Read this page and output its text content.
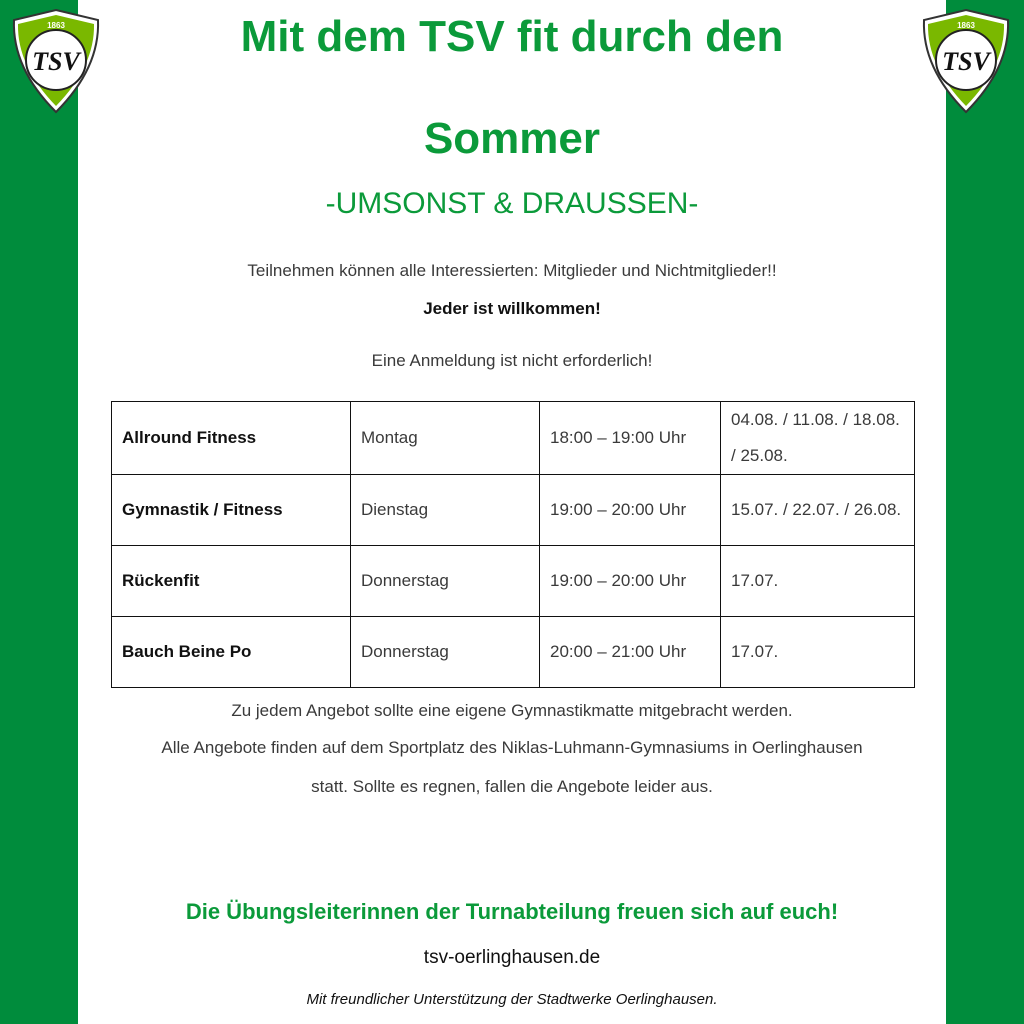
1863
TSV
1863
TSV
Mit dem TSV fit durch den
Sommer
-UMSONST & DRAUSSEN-
Teilnehmen können alle Interessierten: Mitglieder und Nichtmitglieder!!
Jeder ist willkommen!
Eine Anmeldung ist nicht erforderlich!
Allround Fitness	Montag	18:00 – 19:00 Uhr	04.08. / 11.08. / 18.08. / 25.08.
Gymnastik / Fitness	Dienstag	19:00 – 20:00 Uhr	15.07. / 22.07. / 26.08.
Rückenfit	Donnerstag	19:00 – 20:00 Uhr	17.07.
Bauch Beine Po	Donnerstag	20:00 – 21:00 Uhr	17.07.
Zu jedem Angebot sollte eine eigene Gymnastikmatte mitgebracht werden.
Alle Angebote finden auf dem Sportplatz des Niklas-Luhmann-Gymnasiums in Oerlinghausen
statt. Sollte es regnen, fallen die Angebote leider aus.
Die Übungsleiterinnen der Turnabteilung freuen sich auf euch!
tsv-oerlinghausen.de
Mit freundlicher Unterstützung der Stadtwerke Oerlinghausen.
